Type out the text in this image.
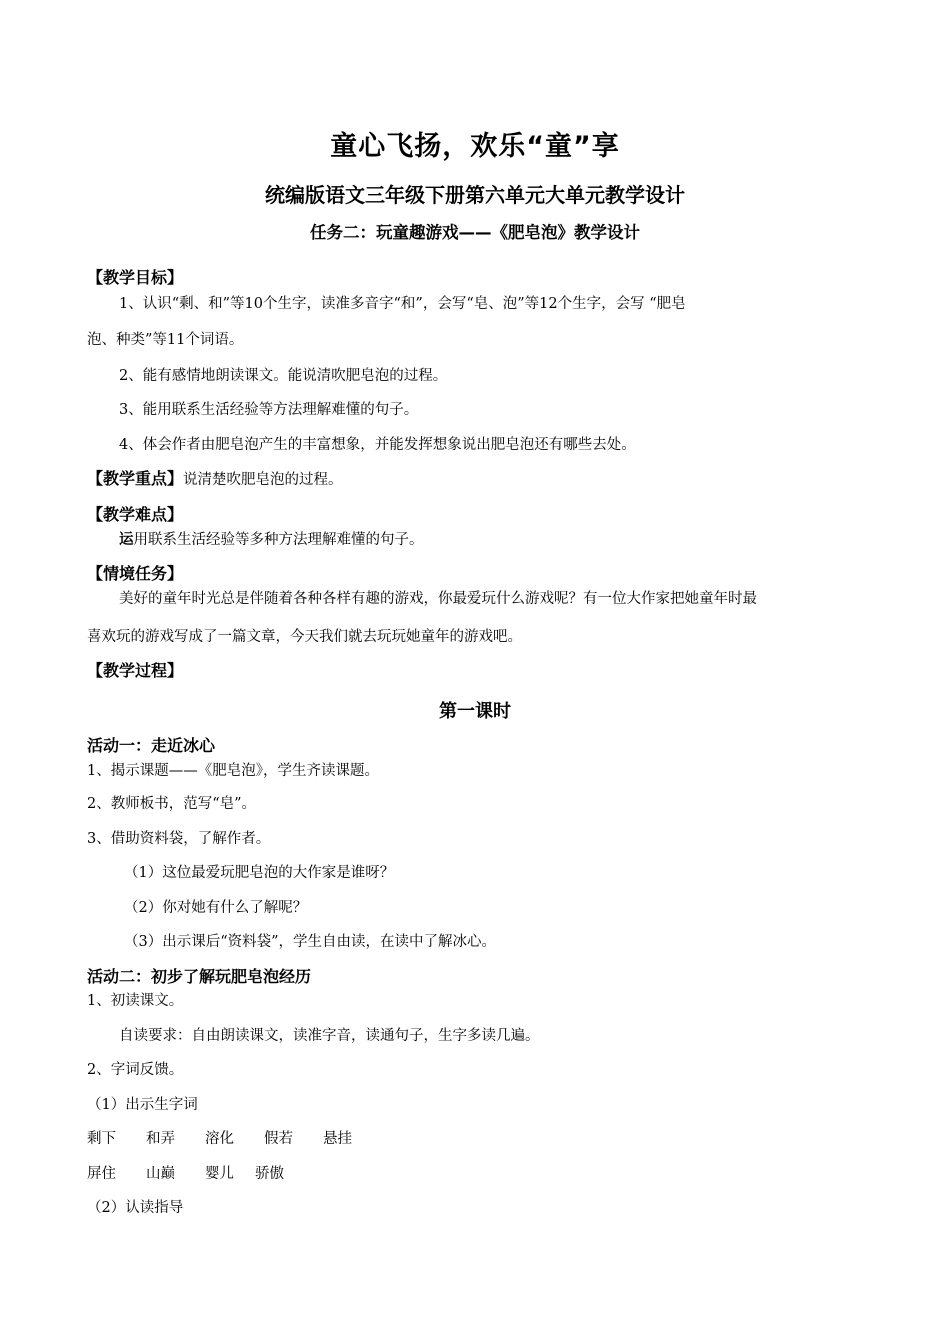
童心飞扬，欢乐“童”享
统编版语文三年级下册第六单元大单元教学设计
任务二：玩童趣游戏——《肥皂泡》教学设计
【教学目标】
1、认识“剩、和”等10个生字，读准多音字“和”，会写“皂、泡”等12个生字，会写 “肥皂
泡、种类”等11个词语。
2、能有感情地朗读课文。能说清吹肥皂泡的过程。
3、能用联系生活经验等方法理解难懂的句子。
4、体会作者由肥皂泡产生的丰富想象，并能发挥想象说出肥皂泡还有哪些去处。
【教学重点】说清楚吹肥皂泡的过程。
【教学难点】
运用联系生活经验等多种方法理解难懂的句子。
【情境任务】
美好的童年时光总是伴随着各种各样有趣的游戏，你最爱玩什么游戏呢？有一位大作家把她童年时最
喜欢玩的游戏写成了一篇文章，今天我们就去玩玩她童年的游戏吧。
【教学过程】
第一课时
活动一：走近冰心
1、揭示课题——《肥皂泡》，学生齐读课题。
2、教师板书，范写“皂”。
3、借助资料袋，了解作者。
（1）这位最爱玩肥皂泡的大作家是谁呀？
（2）你对她有什么了解呢？
（3）出示课后“资料袋”，学生自由读，在读中了解冰心。
活动二：初步了解玩肥皂泡经历
1、初读课文。
自读要求：自由朗读课文，读准字音，读通句子，生字多读几遍。
2、字词反馈。
（1）出示生字词
剩下 和弄 溶化 假若 悬挂
屏住 山巅 婴儿 骄傲
（2）认读指导
